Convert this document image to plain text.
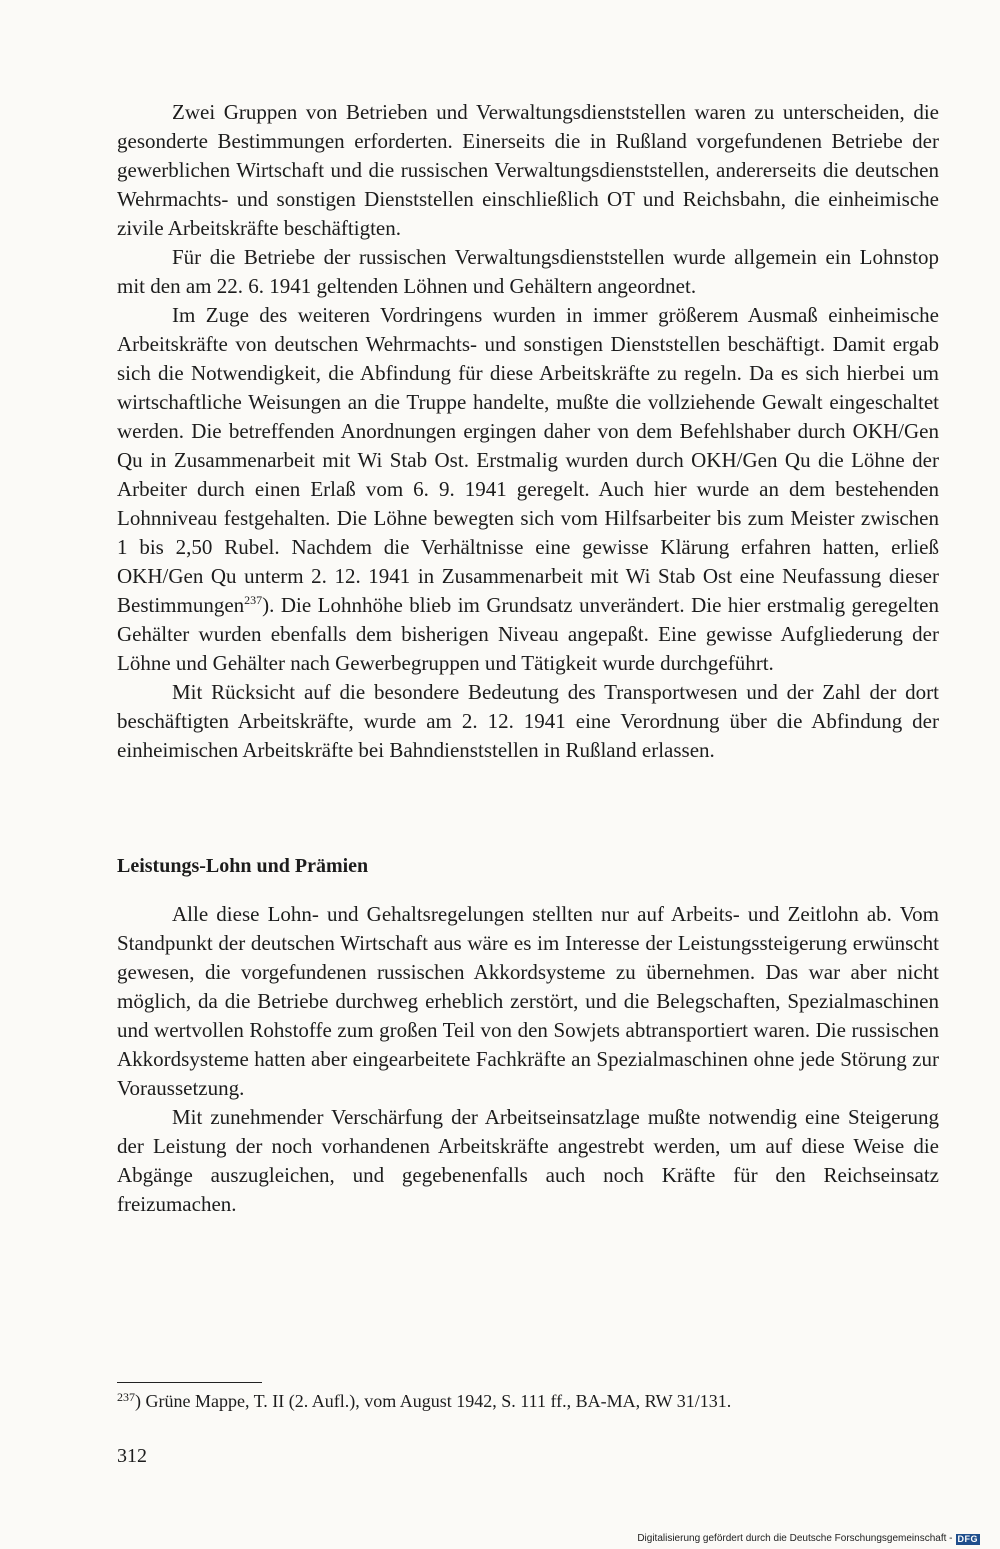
Zwei Gruppen von Betrieben und Verwaltungsdienststellen waren zu unterscheiden, die gesonderte Bestimmungen erforderten. Einerseits die in Rußland vorgefundenen Betriebe der gewerblichen Wirtschaft und die russischen Verwaltungsdienststellen, andererseits die deutschen Wehrmachts- und sonstigen Dienststellen einschließlich OT und Reichsbahn, die einheimische zivile Arbeitskräfte beschäftigten.

Für die Betriebe der russischen Verwaltungsdienststellen wurde allgemein ein Lohnstop mit den am 22. 6. 1941 geltenden Löhnen und Gehältern angeordnet.

Im Zuge des weiteren Vordringens wurden in immer größerem Ausmaß einheimische Arbeitskräfte von deutschen Wehrmachts- und sonstigen Dienststellen beschäftigt. Damit ergab sich die Notwendigkeit, die Abfindung für diese Arbeitskräfte zu regeln. Da es sich hierbei um wirtschaftliche Weisungen an die Truppe handelte, mußte die vollziehende Gewalt eingeschaltet werden. Die betreffenden Anordnungen ergingen daher von dem Befehlshaber durch OKH/Gen Qu in Zusammenarbeit mit Wi Stab Ost. Erstmalig wurden durch OKH/Gen Qu die Löhne der Arbeiter durch einen Erlaß vom 6. 9. 1941 geregelt. Auch hier wurde an dem bestehenden Lohnniveau festgehalten. Die Löhne bewegten sich vom Hilfsarbeiter bis zum Meister zwischen 1 bis 2,50 Rubel. Nachdem die Verhältnisse eine gewisse Klärung erfahren hatten, erließ OKH/Gen Qu unterm 2. 12. 1941 in Zusammenarbeit mit Wi Stab Ost eine Neufassung dieser Bestimmungen$^{237}$). Die Lohnhöhe blieb im Grundsatz unverändert. Die hier erstmalig geregelten Gehälter wurden ebenfalls dem bisherigen Niveau angepaßt. Eine gewisse Aufgliederung der Löhne und Gehälter nach Gewerbegruppen und Tätigkeit wurde durchgeführt.

Mit Rücksicht auf die besondere Bedeutung des Transportwesen und der Zahl der dort beschäftigten Arbeitskräfte, wurde am 2. 12. 1941 eine Verordnung über die Abfindung der einheimischen Arbeitskräfte bei Bahndienststellen in Rußland erlassen.

Leistungs-Lohn und Prämien

Alle diese Lohn- und Gehaltsregelungen stellten nur auf Arbeits- und Zeitlohn ab. Vom Standpunkt der deutschen Wirtschaft aus wäre es im Interesse der Leistungssteigerung erwünscht gewesen, die vorgefundenen russischen Akkordsysteme zu übernehmen. Das war aber nicht möglich, da die Betriebe durchweg erheblich zerstört, und die Belegschaften, Spezialmaschinen und wertvollen Rohstoffe zum großen Teil von den Sowjets abtransportiert waren. Die russischen Akkordsysteme hatten aber eingearbeitete Fachkräfte an Spezialmaschinen ohne jede Störung zur Voraussetzung.

Mit zunehmender Verschärfung der Arbeitseinsatzlage mußte notwendig eine Steigerung der Leistung der noch vorhandenen Arbeitskräfte angestrebt werden, um auf diese Weise die Abgänge auszugleichen, und gegebenenfalls auch noch Kräfte für den Reichseinsatz freizumachen.

$^{237}$) Grüne Mappe, T. II (2. Aufl.), vom August 1942, S. 111 ff., BA-MA, RW 31/131.
312
Digitalisierung gefördert durch die Deutsche Forschungsgemeinschaft - DFG
